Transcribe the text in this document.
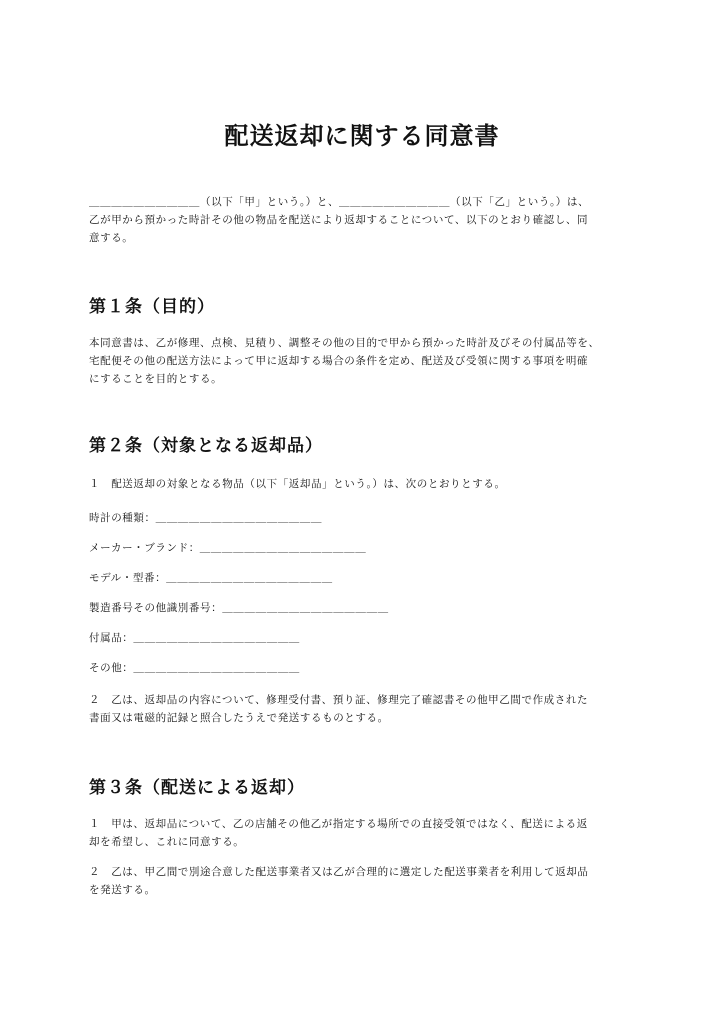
配送返却に関する同意書
＿＿＿＿＿＿＿＿＿＿（以下「甲」という。）と、＿＿＿＿＿＿＿＿＿＿（以下「乙」という。）は、
乙が甲から預かった時計その他の物品を配送により返却することについて、以下のとおり確認し、同
意する。
第１条（目的）
本同意書は、乙が修理、点検、見積り、調整その他の目的で甲から預かった時計及びその付属品等を、
宅配便その他の配送方法によって甲に返却する場合の条件を定め、配送及び受領に関する事項を明確
にすることを目的とする。
第２条（対象となる返却品）
１　配送返却の対象となる物品（以下「返却品」という。）は、次のとおりとする。
時計の種類：＿＿＿＿＿＿＿＿＿＿＿＿＿＿＿
メーカー・ブランド：＿＿＿＿＿＿＿＿＿＿＿＿＿＿＿
モデル・型番：＿＿＿＿＿＿＿＿＿＿＿＿＿＿＿
製造番号その他識別番号：＿＿＿＿＿＿＿＿＿＿＿＿＿＿＿
付属品：＿＿＿＿＿＿＿＿＿＿＿＿＿＿＿
その他：＿＿＿＿＿＿＿＿＿＿＿＿＿＿＿
２　乙は、返却品の内容について、修理受付書、預り証、修理完了確認書その他甲乙間で作成された
書面又は電磁的記録と照合したうえで発送するものとする。
第３条（配送による返却）
１　甲は、返却品について、乙の店舗その他乙が指定する場所での直接受領ではなく、配送による返
却を希望し、これに同意する。
２　乙は、甲乙間で別途合意した配送事業者又は乙が合理的に選定した配送事業者を利用して返却品
を発送する。
